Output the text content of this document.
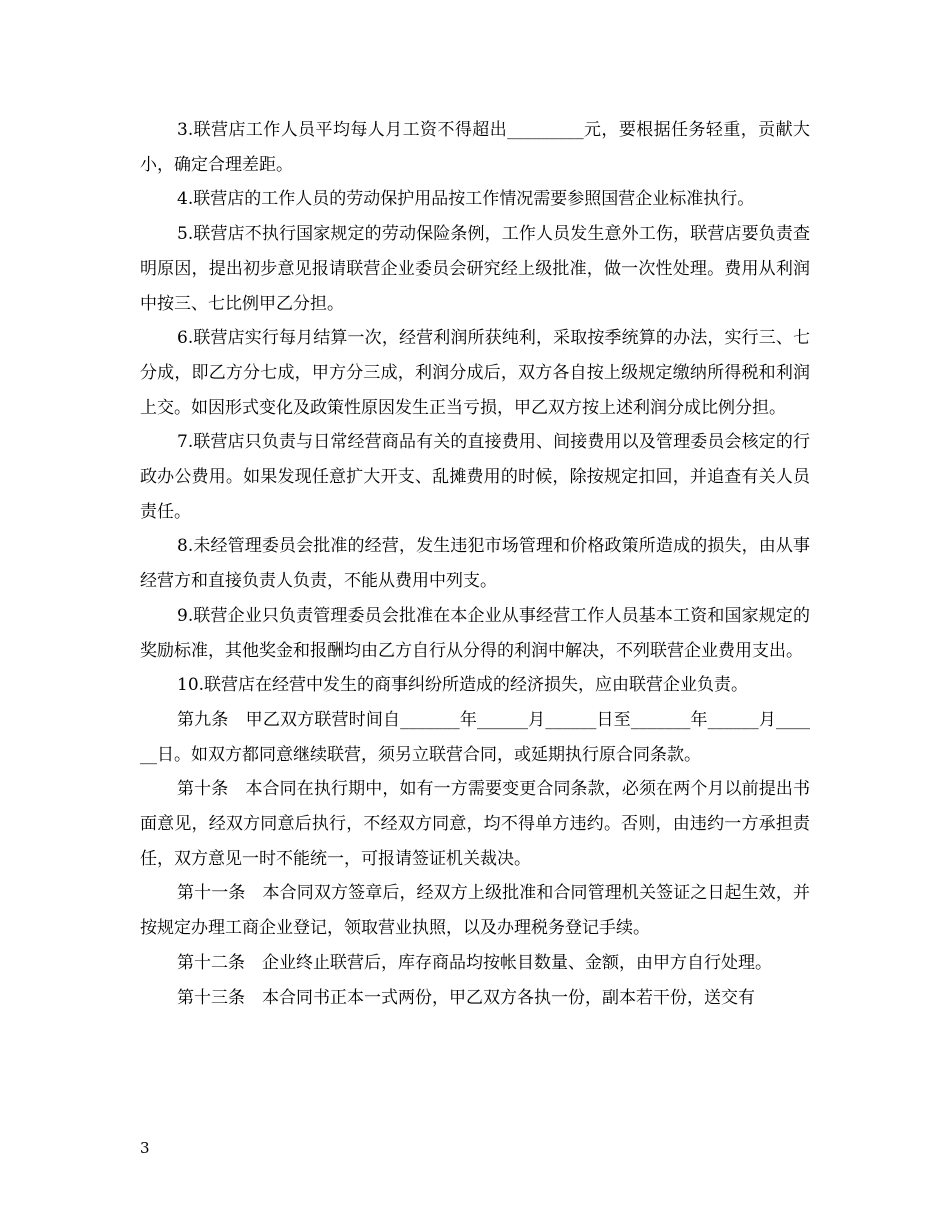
3.联营店工作人员平均每人月工资不得超出_________元，要根据任务轻重，贡献大小，确定合理差距。

4.联营店的工作人员的劳动保护用品按工作情况需要参照国营企业标准执行。

5.联营店不执行国家规定的劳动保险条例，工作人员发生意外工伤，联营店要负责查明原因，提出初步意见报请联营企业委员会研究经上级批准，做一次性处理。费用从利润中按三、七比例甲乙分担。

6.联营店实行每月结算一次，经营利润所获纯利，采取按季统算的办法，实行三、七分成，即乙方分七成，甲方分三成，利润分成后，双方各自按上级规定缴纳所得税和利润上交。如因形式变化及政策性原因发生正当亏损，甲乙双方按上述利润分成比例分担。

7.联营店只负责与日常经营商品有关的直接费用、间接费用以及管理委员会核定的行政办公费用。如果发现任意扩大开支、乱摊费用的时候，除按规定扣回，并追查有关人员责任。

8.未经管理委员会批准的经营，发生违犯市场管理和价格政策所造成的损失，由从事经营方和直接负责人负责，不能从费用中列支。

9.联营企业只负责管理委员会批准在本企业从事经营工作人员基本工资和国家规定的奖励标准，其他奖金和报酬均由乙方自行从分得的利润中解决，不列联营企业费用支出。

10.联营店在经营中发生的商事纠纷所造成的经济损失，应由联营企业负责。

第九条　甲乙双方联营时间自_______年______月______日至_______年______月______日。如双方都同意继续联营，须另立联营合同，或延期执行原合同条款。

第十条　本合同在执行期中，如有一方需要变更合同条款，必须在两个月以前提出书面意见，经双方同意后执行，不经双方同意，均不得单方违约。否则，由违约一方承担责任，双方意见一时不能统一，可报请签证机关裁决。

第十一条　本合同双方签章后，经双方上级批准和合同管理机关签证之日起生效，并按规定办理工商企业登记，领取营业执照，以及办理税务登记手续。

第十二条　企业终止联营后，库存商品均按帐目数量、金额，由甲方自行处理。

第十三条　本合同书正本一式两份，甲乙双方各执一份，副本若干份，送交有

3
